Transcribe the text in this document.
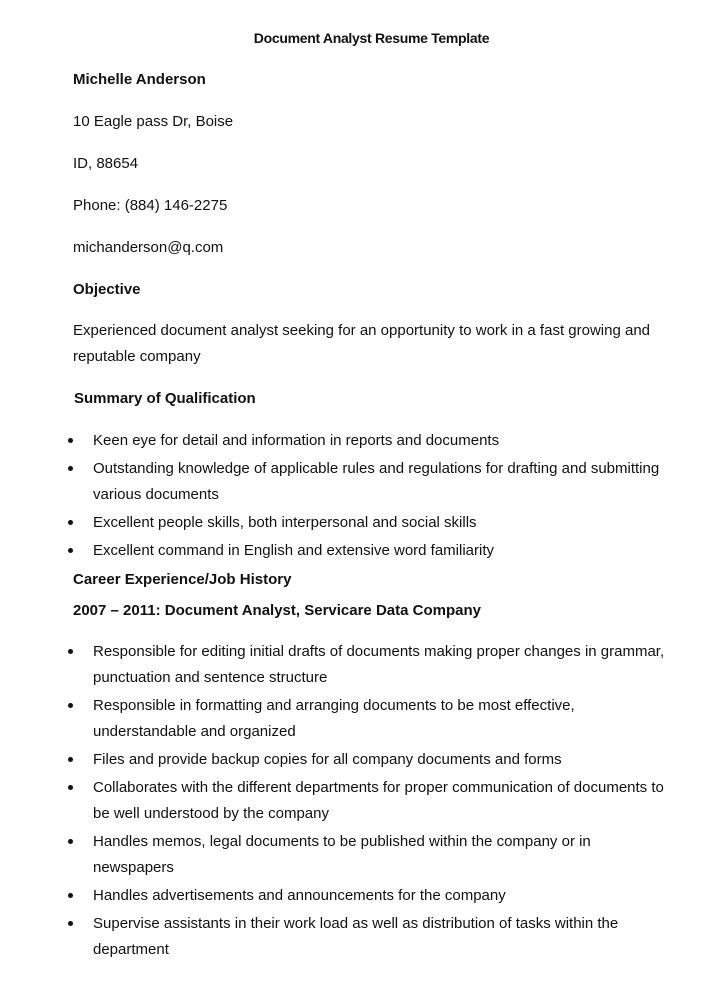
Document Analyst Resume Template
Michelle Anderson
10 Eagle pass Dr, Boise
ID, 88654
Phone: (884) 146-2275
michanderson@q.com
Objective
Experienced document analyst seeking for an opportunity to work in a fast growing and reputable company
Summary of Qualification
Keen eye for detail and information in reports and documents
Outstanding knowledge of applicable rules and regulations for drafting and submitting various documents
Excellent people skills, both interpersonal and social skills
Excellent command in English and extensive word familiarity
Career Experience/Job History
2007 – 2011: Document Analyst, Servicare Data Company
Responsible for editing initial drafts of documents making proper changes in grammar, punctuation and sentence structure
Responsible in formatting and arranging documents to be most effective, understandable and organized
Files and provide backup copies for all company documents and forms
Collaborates with the different departments for proper communication of documents to be well understood by the company
Handles memos, legal documents to be published within the company or in newspapers
Handles advertisements and announcements for the company
Supervise assistants in their work load as well as distribution of tasks within the department
